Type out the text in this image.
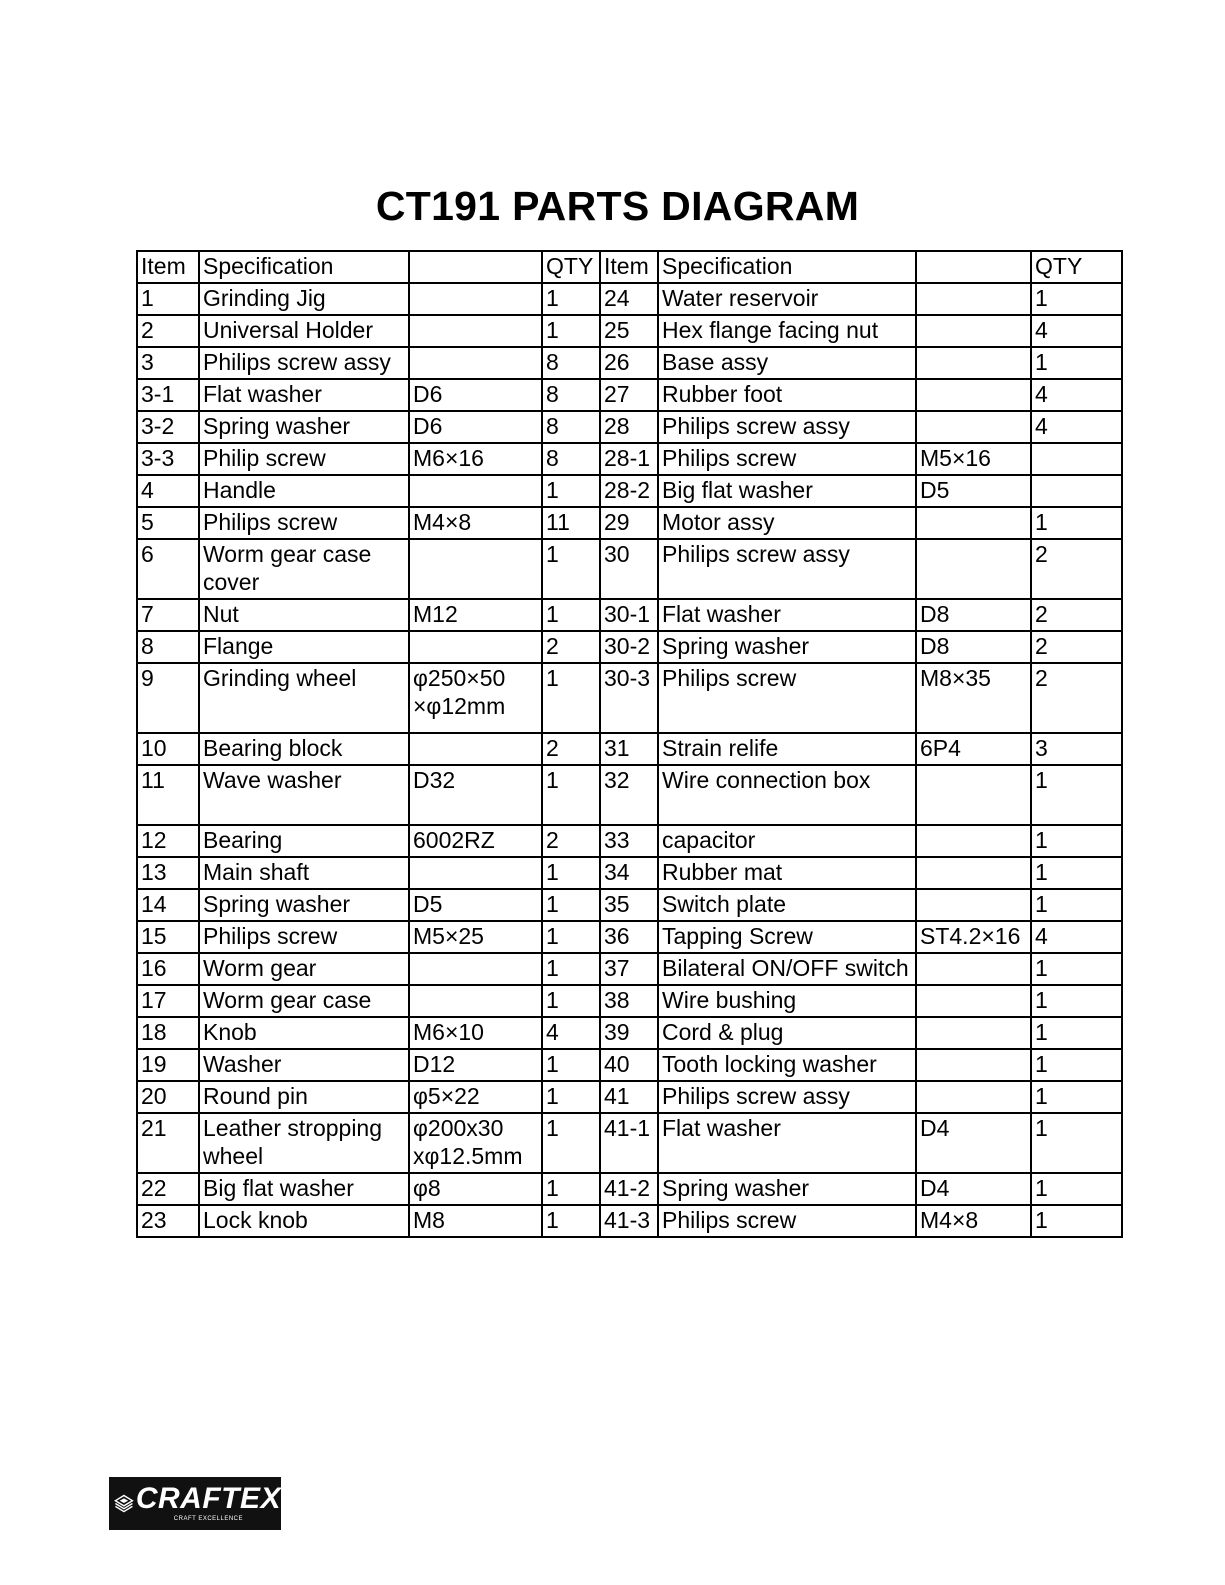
CT191 PARTS DIAGRAM
Item	Specification		QTY	Item	Specification		QTY
1	Grinding Jig		1	24	Water reservoir		1
2	Universal Holder		1	25	Hex flange facing nut		4
3	Philips screw assy		8	26	Base assy		1
3-1	Flat washer	D6	8	27	Rubber foot		4
3-2	Spring washer	D6	8	28	Philips screw assy		4
3-3	Philip screw	M6×16	8	28-1	Philips screw	M5×16	
4	Handle		1	28-2	Big flat washer	D5	
5	Philips screw	M4×8	11	29	Motor assy		1
6	Worm gear case cover		1	30	Philips screw assy		2
7	Nut	M12	1	30-1	Flat washer	D8	2
8	Flange		2	30-2	Spring washer	D8	2
9	Grinding wheel	φ250×50 ×φ12mm	1	30-3	Philips screw	M8×35	2
10	Bearing block		2	31	Strain relife	6P4	3
11	Wave washer	D32	1	32	Wire connection box		1
12	Bearing	6002RZ	2	33	capacitor		1
13	Main shaft		1	34	Rubber mat		1
14	Spring washer	D5	1	35	Switch plate		1
15	Philips screw	M5×25	1	36	Tapping Screw	ST4.2×16	4
16	Worm gear		1	37	Bilateral ON/OFF switch		1
17	Worm gear case		1	38	Wire bushing		1
18	Knob	M6×10	4	39	Cord & plug		1
19	Washer	D12	1	40	Tooth locking washer		1
20	Round pin	φ5×22	1	41	Philips screw assy		1
21	Leather stropping wheel	φ200x30 xφ12.5mm	1	41-1	Flat washer	D4	1
22	Big flat washer	φ8	1	41-2	Spring washer	D4	1
23	Lock knob	M8	1	41-3	Philips screw	M4×8	1
CRAFTEX
CRAFT EXCELLENCE
